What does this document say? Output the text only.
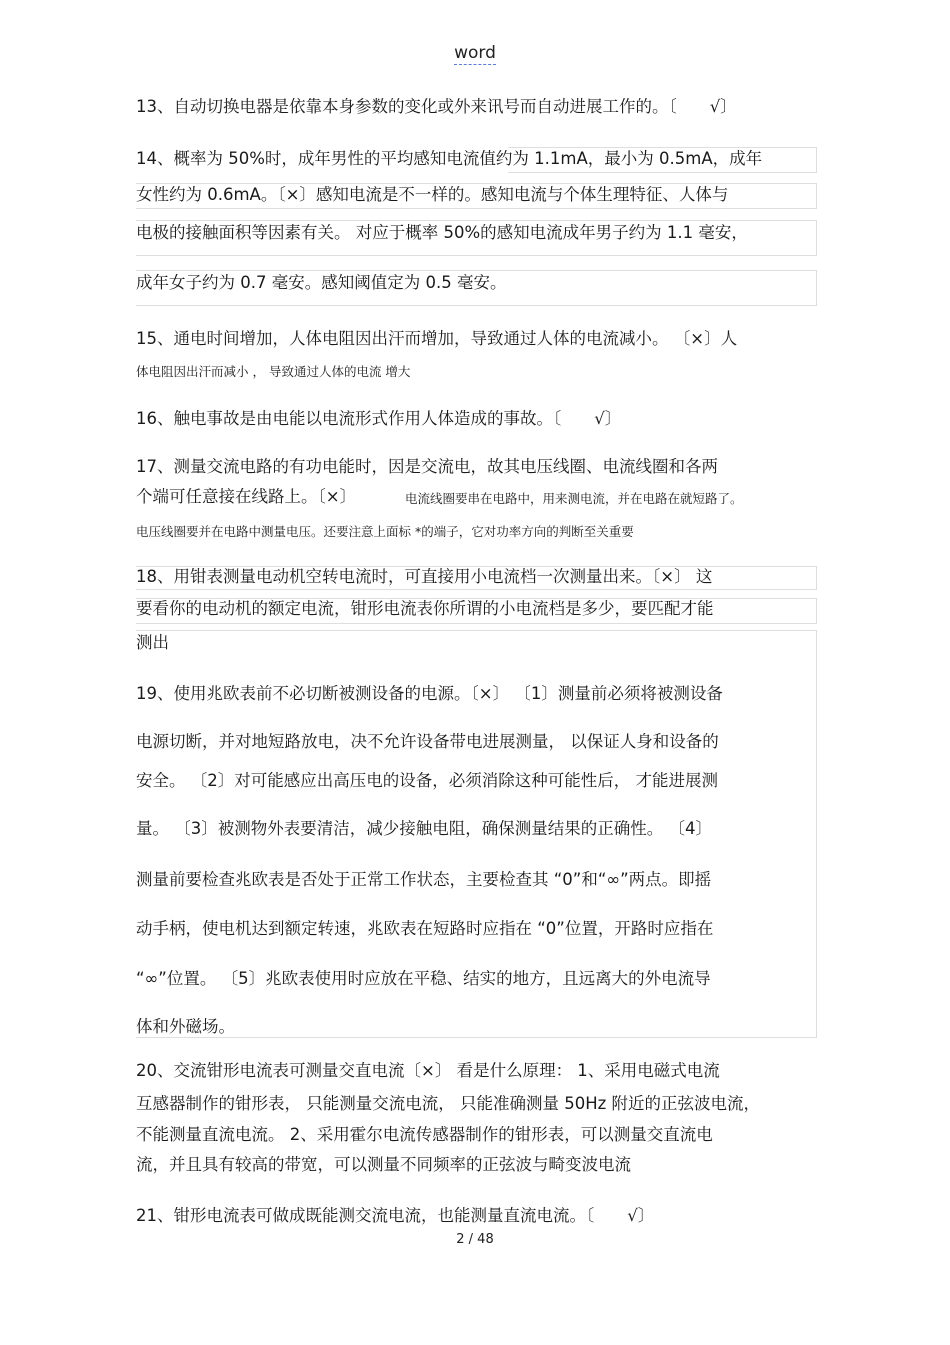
word
13、自动切换电器是依靠本身参数的变化或外来讯号而自动进展工作的。〔　　√〕
14、概率为 50%时，成年男性的平均感知电流值约为 1.1mA，最小为 0.5mA，成年
女性约为 0.6mA。〔×〕感知电流是不一样的。感知电流与个体生理特征、人体与
电极的接触面积等因素有关。 对应于概率 50%的感知电流成年男子约为 1.1 毫安，
成年女子约为 0.7 毫安。感知阈值定为 0.5 毫安。
15、通电时间增加，人体电阻因出汗而增加，导致通过人体的电流减小。 〔×〕人
体电阻因出汗而减小 ， 导致通过人体的电流 增大
16、触电事故是由电能以电流形式作用人体造成的事故。〔　　√〕
17、测量交流电路的有功电能时，因是交流电，故其电压线圈、电流线圈和各两
个端可任意接在线路上。〔×〕	电流线圈要串在电路中，用来测电流，并在电路在就短路了。
电压线圈要并在电路中测量电压。还要注意上面标 *的端子，它对功率方向的判断至关重要
18、用钳表测量电动机空转电流时，可直接用小电流档一次测量出来。〔×〕 这
要看你的电动机的额定电流，钳形电流表你所谓的小电流档是多少，要匹配才能
测出
19、使用兆欧表前不必切断被测设备的电源。〔×〕 〔1〕测量前必须将被测设备
电源切断，并对地短路放电，决不允许设备带电进展测量， 以保证人身和设备的
安全。 〔2〕对可能感应出高压电的设备，必须消除这种可能性后， 才能进展测
量。 〔3〕被测物外表要清洁，减少接触电阻，确保测量结果的正确性。 〔4〕
测量前要检查兆欧表是否处于正常工作状态，主要检查其 “0”和“∞”两点。即摇
动手柄，使电机达到额定转速，兆欧表在短路时应指在 “0”位置，开路时应指在
“∞”位置。 〔5〕兆欧表使用时应放在平稳、结实的地方，且远离大的外电流导
体和外磁场。
20、交流钳形电流表可测量交直电流〔×〕 看是什么原理： 1、采用电磁式电流
互感器制作的钳形表， 只能测量交流电流， 只能准确测量 50Hz 附近的正弦波电流，
不能测量直流电流。 2、采用霍尔电流传感器制作的钳形表，可以测量交直流电
流，并且具有较高的带宽，可以测量不同频率的正弦波与畸变波电流
21、钳形电流表可做成既能测交流电流，也能测量直流电流。〔　　√〕
2 / 48
